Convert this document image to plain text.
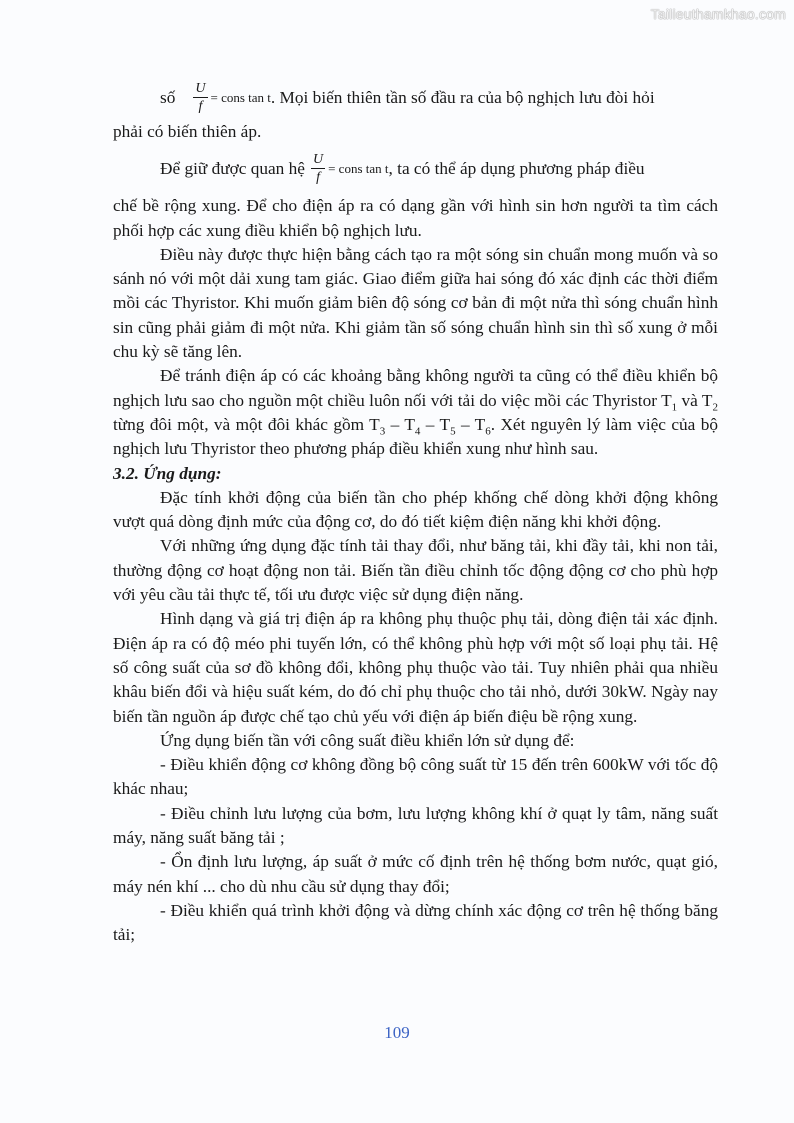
Tailieuthamkhao.com
số $\frac{U}{f}$ = cons tan t . Mọi biến thiên tần số đầu ra của bộ nghịch lưu đòi hỏi

phải có biến thiên áp.

Để giữ được quan hệ $\frac{U}{f}$ = cons tan t , ta có thể áp dụng phương pháp điều

chế bề rộng xung. Để cho điện áp ra có dạng gần với hình sin hơn người ta tìm cách phối hợp các xung điều khiển bộ nghịch lưu.

Điều này được thực hiện bằng cách tạo ra một sóng sin chuẩn mong muốn và so sánh nó với một dải xung tam giác. Giao điểm giữa hai sóng đó xác định các thời điểm mồi các Thyristor. Khi muốn giảm biên độ sóng cơ bản đi một nửa thì sóng chuẩn hình sin cũng phải giảm đi một nửa. Khi giảm tần số sóng chuẩn hình sin thì số xung ở mỗi chu kỳ sẽ tăng lên.

Để tránh điện áp có các khoảng bằng không người ta cũng có thể điều khiển bộ nghịch lưu sao cho nguồn một chiều luôn nối với tải do việc mồi các Thyristor $T_1$ và $T_2$ từng đôi một, và một đôi khác gồm $T_3 - T_4 - T_5 - T_6$. Xét nguyên lý làm việc của bộ nghịch lưu Thyristor theo phương pháp điều khiển xung như hình sau.

3.2. Ứng dụng:

Đặc tính khởi động của biến tần cho phép khống chế dòng khởi động không vượt quá dòng định mức của động cơ, do đó tiết kiệm điện năng khi khởi động.

Với những ứng dụng đặc tính tải thay đổi, như băng tải, khi đầy tải, khi non tải, thường động cơ hoạt động non tải. Biến tần điều chỉnh tốc động động cơ cho phù hợp với yêu cầu tải thực tế, tối ưu được việc sử dụng điện năng.

Hình dạng và giá trị điện áp ra không phụ thuộc phụ tải, dòng điện tải xác định. Điện áp ra có độ méo phi tuyến lớn, có thể không phù hợp với một số loại phụ tải. Hệ số công suất của sơ đồ không đổi, không phụ thuộc vào tải. Tuy nhiên phải qua nhiều khâu biến đổi và hiệu suất kém, do đó chỉ phụ thuộc cho tải nhỏ, dưới 30kW. Ngày nay biến tần nguồn áp được chế tạo chủ yếu với điện áp biến điệu bề rộng xung.

Ứng dụng biến tần với công suất điều khiển lớn sử dụng để:

- Điều khiển động cơ không đồng bộ công suất từ 15 đến trên 600kW với tốc độ khác nhau;

- Điều chỉnh lưu lượng của bơm, lưu lượng không khí ở quạt ly tâm, năng suất máy, năng suất băng tải ;

- Ổn định lưu lượng, áp suất ở mức cố định trên hệ thống bơm nước, quạt gió, máy nén khí ... cho dù nhu cầu sử dụng thay đổi;

- Điều khiển quá trình khởi động và dừng chính xác động cơ trên hệ thống băng tải;

109
